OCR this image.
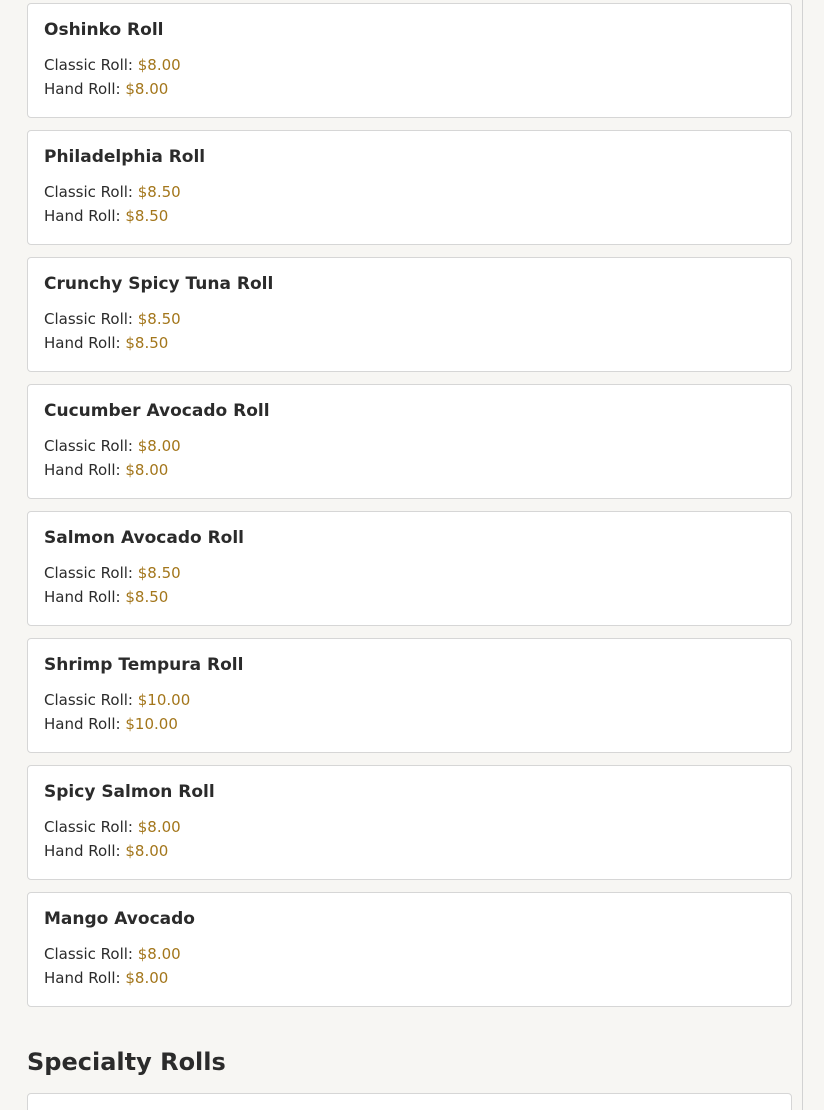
Oshinko Roll
Classic Roll: $8.00
Hand Roll: $8.00
Philadelphia Roll
Classic Roll: $8.50
Hand Roll: $8.50
Crunchy Spicy Tuna Roll
Classic Roll: $8.50
Hand Roll: $8.50
Cucumber Avocado Roll
Classic Roll: $8.00
Hand Roll: $8.00
Salmon Avocado Roll
Classic Roll: $8.50
Hand Roll: $8.50
Shrimp Tempura Roll
Classic Roll: $10.00
Hand Roll: $10.00
Spicy Salmon Roll
Classic Roll: $8.00
Hand Roll: $8.00
Mango Avocado
Classic Roll: $8.00
Hand Roll: $8.00
Specialty Rolls
